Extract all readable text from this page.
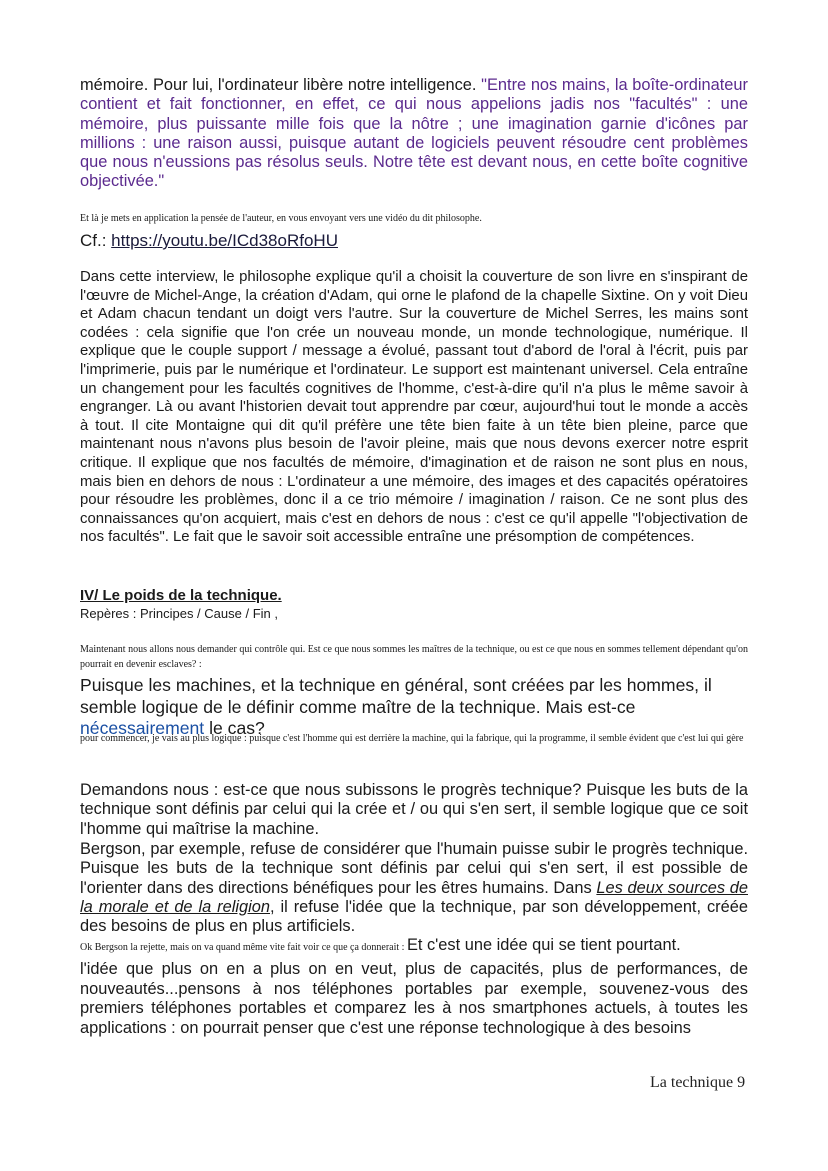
mémoire. Pour lui, l'ordinateur libère notre intelligence. "Entre nos mains, la boîte-ordinateur contient et fait fonctionner, en effet, ce qui nous appelions jadis nos "facultés" : une mémoire, plus puissante mille fois que la nôtre ; une imagination garnie d'icônes par millions : une raison aussi, puisque autant de logiciels peuvent résoudre cent problèmes que nous n'eussions pas résolus seuls. Notre tête est devant nous, en cette boîte cognitive objectivée."

Et là je mets en application la pensée de l'auteur, en vous envoyant vers une vidéo du dit philosophe.

Cf.: https://youtu.be/ICd38oRfoHU

Dans cette interview, le philosophe explique qu'il a choisit la couverture de son livre en s'inspirant de l'œuvre de Michel-Ange, la création d'Adam, qui orne le plafond de la chapelle Sixtine. On y voit Dieu et Adam chacun tendant un doigt vers l'autre. Sur la couverture de Michel Serres, les mains sont codées : cela signifie que l'on crée un nouveau monde, un monde technologique, numérique. Il explique que le couple support / message a évolué, passant tout d'abord de l'oral à l'écrit, puis par l'imprimerie, puis par le numérique et l'ordinateur. Le support est maintenant universel. Cela entraîne un changement pour les facultés cognitives de l'homme, c'est-à-dire qu'il n'a plus le même savoir à engranger. Là ou avant l'historien devait tout apprendre par cœur, aujourd'hui tout le monde a accès à tout. Il cite Montaigne qui dit qu'il préfère une tête bien faite à un tête bien pleine, parce que maintenant nous n'avons plus besoin de l'avoir pleine, mais que nous devons exercer notre esprit critique. Il explique que nos facultés de mémoire, d'imagination et de raison ne sont plus en nous, mais bien en dehors de nous : L'ordinateur a une mémoire, des images et des capacités opératoires pour résoudre les problèmes, donc il a ce trio mémoire / imagination / raison. Ce ne sont plus des connaissances qu'on acquiert, mais c'est en dehors de nous : c'est ce qu'il appelle "l'objectivation de nos facultés". Le fait que le savoir soit accessible entraîne une présomption de compétences.

IV/ Le poids de la technique.

Repères : Principes / Cause / Fin ,

Maintenant nous allons nous demander qui contrôle qui. Est ce que nous sommes les maîtres de la technique, ou est ce que nous en sommes tellement dépendant qu'on pourrait en devenir esclaves? :

Puisque les machines, et la technique en général, sont créées par les hommes, il semble logique de le définir comme maître de la technique. Mais est-ce nécessairement le cas?

pour commencer, je vais au plus logique : puisque c'est l'homme qui est derrière la machine, qui la fabrique, qui la programme, il semble évident que c'est lui qui gère

Demandons nous : est-ce que nous subissons le progrès technique? Puisque les buts de la technique sont définis par celui qui la crée et / ou qui s'en sert, il semble logique que ce soit l'homme qui maîtrise la machine.

Bergson, par exemple, refuse de considérer que l'humain puisse subir le progrès technique. Puisque les buts de la technique sont définis par celui qui s'en sert, il est possible de l'orienter dans des directions bénéfiques pour les êtres humains. Dans Les deux sources de la morale et de la religion, il refuse l'idée que la technique, par son développement, créée des besoins de plus en plus artificiels.

Ok Bergson la rejette, mais on va quand même vite fait voir ce que ça donnerait : Et c'est une idée qui se tient pourtant.

l'idée que plus on en a plus on en veut, plus de capacités, plus de performances, de nouveautés...pensons à nos téléphones portables par exemple, souvenez-vous des premiers téléphones portables et comparez les à nos smartphones actuels, à toutes les applications : on pourrait penser que c'est une réponse technologique à des besoins

La technique 9
